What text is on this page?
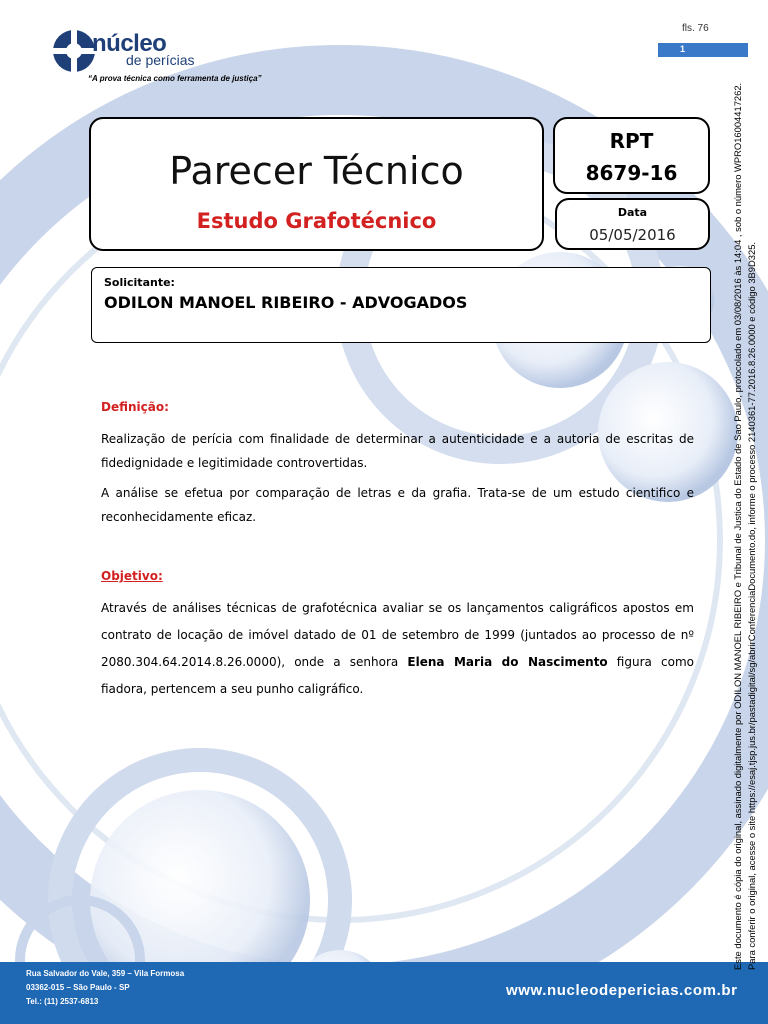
núcleo
de perícias
“A prova técnica como ferramenta de justiça”
fls. 76
1
Parecer Técnico
Estudo Grafotécnico
RPT
8679-16
Data
05/05/2016
Solicitante:
ODILON MANOEL RIBEIRO - ADVOGADOS
Definição:
Realização de perícia com finalidade de determinar a autenticidade e a autoria de escritas de fidedignidade e legitimidade controvertidas.
A análise se efetua por comparação de letras e da grafia. Trata-se de um estudo cientifico e reconhecidamente eficaz.
Objetivo:
Através de análises técnicas de grafotécnica avaliar se os lançamentos caligráficos apostos em contrato de locação de imóvel datado de 01 de setembro de 1999 (juntados ao processo de nº 2080.304.64.2014.8.26.0000), onde a senhora Elena Maria do Nascimento figura como fiadora, pertencem a seu punho caligráfico.
Rua Salvador do Vale, 359 – Vila Formosa
03362-015 – São Paulo - SP
Tel.: (11) 2537-6813
www.nucleodepericias.com.br
Este documento é cópia do original, assinado digitalmente por ODILON MANOEL RIBEIRO e Tribunal de Justica do Estado de Sao Paulo, protocolado em 03/08/2016 às 14:04 , sob o número WPRO16004417262. Para conferir o original, acesse o site https://esaj.tjsp.jus.br/pastadigital/sg/abrirConferenciaDocumento.do, informe o processo 2140361-77.2016.8.26.0000 e código 3B9D325.
